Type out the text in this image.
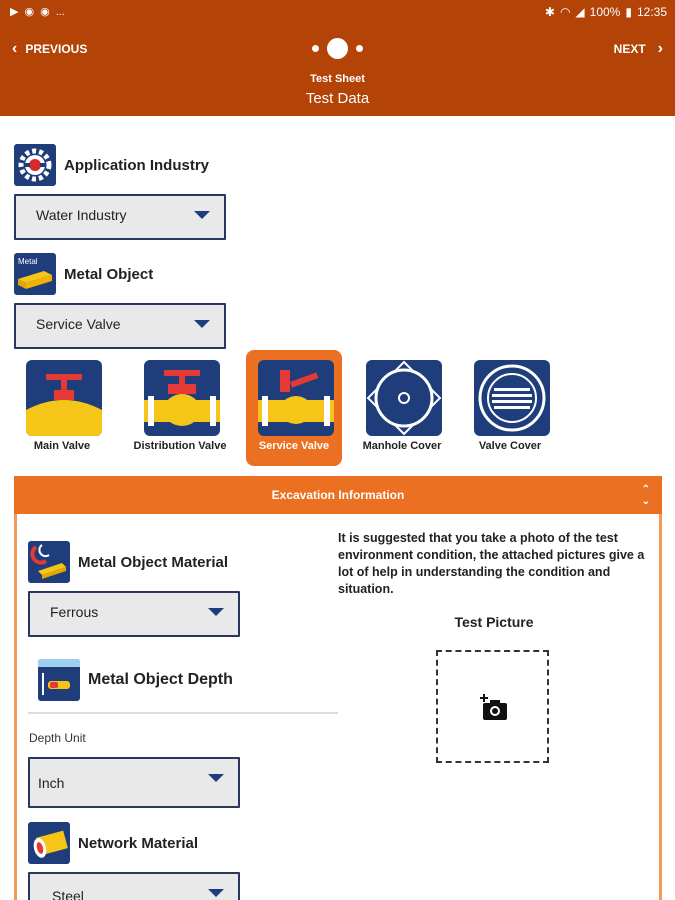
▶ ◉ ◉ ...	✱ ◠ ◢ 100% ▮ 12:35
‹ PREVIOUS	NEXT ›
Test Sheet
Test Data
Application Industry
Water Industry
Metal
Metal Object
Service Valve
Main Valve	Distribution Valve	Service Valve	Manhole Cover	Valve Cover
Excavation Information	⌃
⌄
Metal Object Material
Ferrous
Metal Object Depth
Depth Unit
Inch
Network Material
Steel
It is suggested that you take a photo of the test environment condition, the attached pictures give a lot of help in understanding the condition and situation.
Test Picture
